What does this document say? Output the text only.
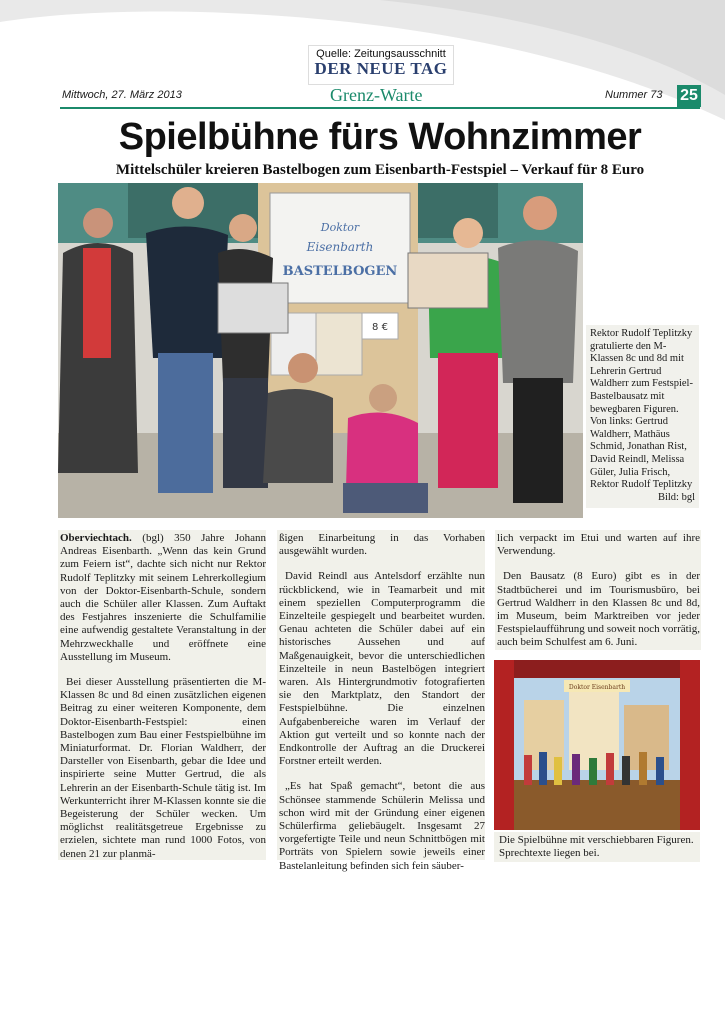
Quelle: Zeitungsausschnitt
DER NEUE TAG
Mittwoch, 27. März 2013	Grenz-Warte	Nummer 73 25
Spielbühne fürs Wohnzimmer
Mittelschüler kreieren Bastelbogen zum Eisenbarth-Festspiel – Verkauf für 8 Euro
Doktor
Eisenbarth
BASTELBOGEN
8 €
Rektor Rudolf Teplitzky gratulierte den M-Klassen 8c und 8d mit Lehrerin Gertrud Waldherr zum Festspiel-Bastelbausatz mit bewegbaren Figuren. Von links: Gertrud Waldherr, Mathäus Schmid, Jonathan Rist, David Reindl, Melissa Güler, Julia Frisch, Rektor Rudolf Teplitzky
Bild: bgl

Oberviechtach. (bgl) 350 Jahre Johann Andreas Eisenbarth. „Wenn das kein Grund zum Feiern ist“, dachte sich nicht nur Rektor Rudolf Teplitzky mit seinem Lehrerkollegium von der Doktor-Eisenbarth-Schule, sondern auch die Schüler aller Klassen. Zum Auftakt des Festjahres inszenierte die Schulfamilie eine aufwendig gestaltete Veranstaltung in der Mehrzweckhalle und eröffnete eine Ausstellung im Museum.

Bei dieser Ausstellung präsentierten die M-Klassen 8c und 8d einen zusätzlichen eigenen Beitrag zu einer weiteren Komponente, dem Doktor-Eisenbarth-Festspiel: einen Bastelbogen zum Bau einer Festspielbühne im Miniaturformat. Dr. Florian Waldherr, der Darsteller von Eisenbarth, gebar die Idee und inspirierte seine Mutter Gertrud, die als Lehrerin an der Eisenbarth-Schule tätig ist. Im Werkunterricht ihrer M-Klassen konnte sie die Begeisterung der Schüler wecken. Um möglichst realitätsgetreue Ergebnisse zu erzielen, sichtete man rund 1000 Fotos, von denen 21 zur planmä-

ßigen Einarbeitung in das Vorhaben ausgewählt wurden.

David Reindl aus Antelsdorf erzählte nun rückblickend, wie in Teamarbeit und mit einem speziellen Computerprogramm die Einzelteile gespiegelt und bearbeitet wurden. Genau achteten die Schüler dabei auf ein historisches Aussehen und auf Maßgenauigkeit, bevor die unterschiedlichen Einzelteile in neun Bastelbögen integriert waren. Als Hintergrundmotiv fotografierten sie den Marktplatz, den Standort der Festspielbühne. Die einzelnen Aufgabenbereiche waren im Verlauf der Aktion gut verteilt und so konnte nach der Endkontrolle der Auftrag an die Druckerei Forstner erteilt werden.

„Es hat Spaß gemacht“, betont die aus Schönsee stammende Schülerin Melissa und schon wird mit der Gründung einer eigenen Schülerfirma geliebäugelt. Insgesamt 27 vorgefertigte Teile und neun Schnittbögen mit Porträts von Spielern sowie jeweils einer Bastelanleitung befinden sich fein säuber-

lich verpackt im Etui und warten auf ihre Verwendung.

Den Bausatz (8 Euro) gibt es in der Stadtbücherei und im Tourismusbüro, bei Gertrud Waldherr in den Klassen 8c und 8d, im Museum, beim Marktreiben vor jeder Festspielaufführung und soweit noch vorrätig, auch beim Schulfest am 6. Juni.

Doktor Eisenbarth
Die Spielbühne mit verschiebbaren Figuren. Sprechtexte liegen bei.
